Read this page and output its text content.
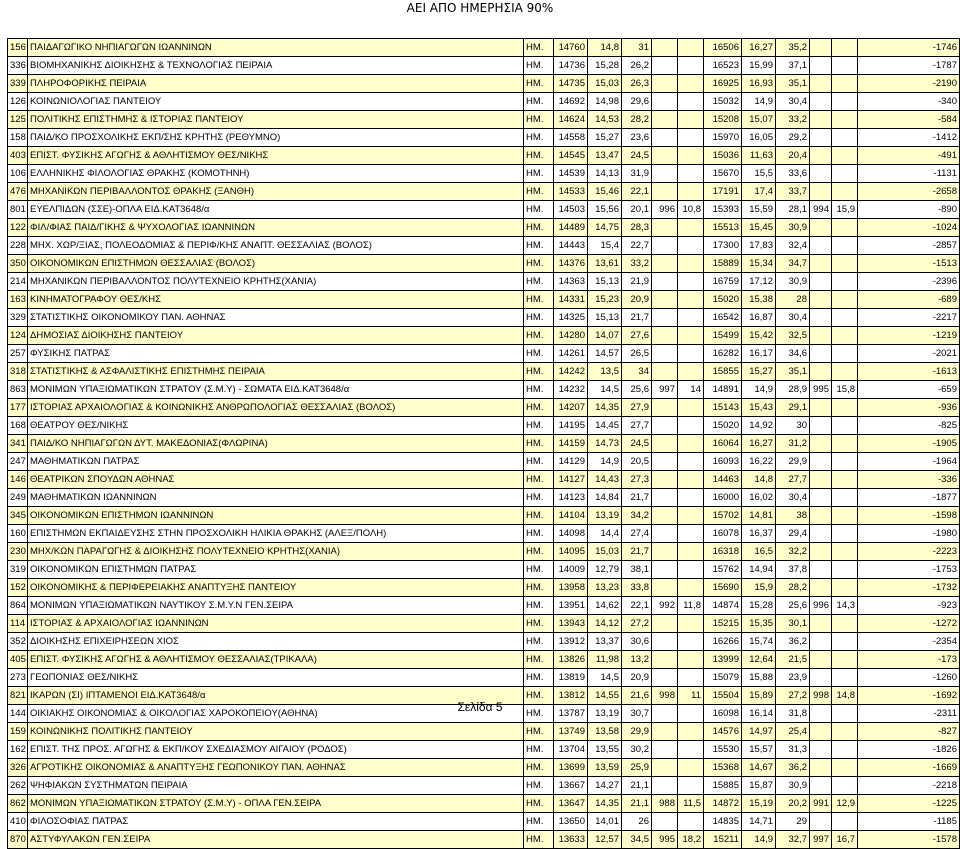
ΑΕΙ ΑΠΟ ΗΜΕΡΗΣΙΑ 90%
156	ΠΑΙΔΑΓΩΓΙΚΟ ΝΗΠΙΑΓΩΓΩΝ ΙΩΑΝΝΙΝΩΝ	ΗΜ.	14760	14,8	31			16506	16,27	35,2			-1746
336	ΒΙΟΜΗΧΑΝΙΚΗΣ ΔΙΟΙΚΗΣΗΣ & ΤΕΧΝΟΛΟΓΙΑΣ ΠΕΙΡΑΙΑ	ΗΜ.	14736	15,28	26,2			16523	15,99	37,1			-1787
339	ΠΛΗΡΟΦΟΡΙΚΗΣ ΠΕΙΡΑΙΑ	ΗΜ.	14735	15,03	26,3			16925	16,93	35,1			-2190
126	ΚΟΙΝΩΝΙΟΛΟΓΙΑΣ ΠΑΝΤΕΙΟΥ	ΗΜ.	14692	14,98	29,6			15032	14,9	30,4			-340
125	ΠΟΛΙΤΙΚΗΣ ΕΠΙΣΤΗΜΗΣ & ΙΣΤΟΡΙΑΣ ΠΑΝΤΕΙΟΥ	ΗΜ.	14624	14,53	28,2			15208	15,07	33,2			-584
158	ΠΑΙΔ/ΚΟ ΠΡΟΣΧΟΛΙΚΗΣ ΕΚΠ/ΣΗΣ ΚΡΗΤΗΣ (ΡΕΘΥΜΝΟ)	ΗΜ.	14558	15,27	23,6			15970	16,05	29,2			-1412
403	ΕΠΙΣΤ. ΦΥΣΙΚΗΣ ΑΓΩΓΗΣ & ΑΘΛΗΤΙΣΜΟΥ ΘΕΣ/ΝΙΚΗΣ	ΗΜ.	14545	13,47	24,5			15036	11,63	20,4			-491
106	ΕΛΛΗΝΙΚΗΣ ΦΙΛΟΛΟΓΙΑΣ ΘΡΑΚΗΣ (ΚΟΜΟΤΗΝΗ)	ΗΜ.	14539	14,13	31,9			15670	15,5	33,6			-1131
476	ΜΗΧΑΝΙΚΩΝ ΠΕΡΙΒΑΛΛΟΝΤΟΣ ΘΡΑΚΗΣ (ΞΑΝΘΗ)	ΗΜ.	14533	15,46	22,1			17191	17,4	33,7			-2658
801	ΕΥΕΛΠΙΔΩΝ (ΣΣΕ)-ΟΠΛΑ ΕΙΔ.ΚΑΤ3648/α	ΗΜ.	14503	15,56	20,1	996	10,8	15393	15,59	28,1	994	15,9	-890
122	ΦΙΛ/ΦΙΑΣ ΠΑΙΔ/ΓΙΚΗΣ & ΨΥΧΟΛΟΓΙΑΣ ΙΩΑΝΝΙΝΩΝ	ΗΜ.	14489	14,75	28,3			15513	15,45	30,9			-1024
228	ΜΗΧ. ΧΩΡ/ΞΙΑΣ, ΠΟΛΕΟΔΟΜΙΑΣ & ΠΕΡΙΦ/ΚΗΣ ΑΝΑΠΤ. ΘΕΣΣΑΛΙΑΣ (ΒΟΛΟΣ)	ΗΜ.	14443	15,4	22,7			17300	17,83	32,4			-2857
350	ΟΙΚΟΝΟΜΙΚΩΝ ΕΠΙΣΤΗΜΩΝ ΘΕΣΣΑΛΙΑΣ (ΒΟΛΟΣ)	ΗΜ.	14376	13,61	33,2			15889	15,34	34,7			-1513
214	ΜΗΧΑΝΙΚΩΝ ΠΕΡΙΒΑΛΛΟΝΤΟΣ ΠΟΛΥΤΕΧΝΕΙΟ ΚΡΗΤΗΣ(ΧΑΝΙΑ)	ΗΜ.	14363	15,13	21,9			16759	17,12	30,9			-2396
163	ΚΙΝΗΜΑΤΟΓΡΑΦΟΥ ΘΕΣ/ΚΗΣ	ΗΜ.	14331	15,23	20,9			15020	15,38	28			-689
329	ΣΤΑΤΙΣΤΙΚΗΣ ΟΙΚΟΝΟΜΙΚΟΥ ΠΑΝ. ΑΘΗΝΑΣ	ΗΜ.	14325	15,13	21,7			16542	16,87	30,4			-2217
124	ΔΗΜΟΣΙΑΣ ΔΙΟΙΚΗΣΗΣ ΠΑΝΤΕΙΟΥ	ΗΜ.	14280	14,07	27,6			15499	15,42	32,5			-1219
257	ΦΥΣΙΚΗΣ ΠΑΤΡΑΣ	ΗΜ.	14261	14,57	26,5			16282	16,17	34,6			-2021
318	ΣΤΑΤΙΣΤΙΚΗΣ & ΑΣΦΑΛΙΣΤΙΚΗΣ ΕΠΙΣΤΗΜΗΣ ΠΕΙΡΑΙΑ	ΗΜ.	14242	13,5	34			15855	15,27	35,1			-1613
863	ΜΟΝΙΜΩΝ ΥΠΑΞΙΩΜΑΤΙΚΩΝ ΣΤΡΑΤΟΥ (Σ.Μ.Υ) - ΣΩΜΑΤΑ ΕΙΔ.ΚΑΤ3648/α	ΗΜ.	14232	14,5	25,6	997	14	14891	14,9	28,9	995	15,8	-659
177	ΙΣΤΟΡΙΑΣ ΑΡΧΑΙΟΛΟΓΙΑΣ & ΚΟΙΝΩΝΙΚΗΣ ΑΝΘΡΩΠΟΛΟΓΙΑΣ ΘΕΣΣΑΛΙΑΣ (ΒΟΛΟΣ)	ΗΜ.	14207	14,35	27,9			15143	15,43	29,1			-936
168	ΘΕΑΤΡΟΥ ΘΕΣ/ΝΙΚΗΣ	ΗΜ.	14195	14,45	27,7			15020	14,92	30			-825
341	ΠΑΙΔ/ΚΟ ΝΗΠΙΑΓΩΓΩΝ ΔΥΤ. ΜΑΚΕΔΟΝΙΑΣ(ΦΛΩΡΙΝΑ)	ΗΜ.	14159	14,73	24,5			16064	16,27	31,2			-1905
247	ΜΑΘΗΜΑΤΙΚΩΝ ΠΑΤΡΑΣ	ΗΜ.	14129	14,9	20,5			16093	16,22	29,9			-1964
146	ΘΕΑΤΡΙΚΩΝ ΣΠΟΥΔΩΝ ΑΘΗΝΑΣ	ΗΜ.	14127	14,43	27,3			14463	14,8	27,7			-336
249	ΜΑΘΗΜΑΤΙΚΩΝ ΙΩΑΝΝΙΝΩΝ	ΗΜ.	14123	14,84	21,7			16000	16,02	30,4			-1877
345	ΟΙΚΟΝΟΜΙΚΩΝ ΕΠΙΣΤΗΜΩΝ ΙΩΑΝΝΙΝΩΝ	ΗΜ.	14104	13,19	34,2			15702	14,81	38			-1598
160	ΕΠΙΣΤΗΜΩΝ ΕΚΠΑΙΔΕΥΣΗΣ ΣΤΗΝ ΠΡΟΣΧΟΛΙΚΗ ΗΛΙΚΙΑ ΘΡΑΚΗΣ (ΑΛΕΞ/ΠΟΛΗ)	ΗΜ.	14098	14,4	27,4			16078	16,37	29,4			-1980
230	ΜΗΧ/ΚΩΝ ΠΑΡΑΓΩΓΗΣ & ΔΙΟΙΚΗΣΗΣ ΠΟΛΥΤΕΧΝΕΙΟ ΚΡΗΤΗΣ(ΧΑΝΙΑ)	ΗΜ.	14095	15,03	21,7			16318	16,5	32,2			-2223
319	ΟΙΚΟΝΟΜΙΚΩΝ ΕΠΙΣΤΗΜΩΝ ΠΑΤΡΑΣ	ΗΜ.	14009	12,79	38,1			15762	14,94	37,8			-1753
152	ΟΙΚΟΝΟΜΙΚΗΣ & ΠΕΡΙΦΕΡΕΙΑΚΗΣ ΑΝΑΠΤΥΞΗΣ ΠΑΝΤΕΙΟΥ	ΗΜ.	13958	13,23	33,8			15690	15,9	28,2			-1732
864	ΜΟΝΙΜΩΝ ΥΠΑΞΙΩΜΑΤΙΚΩΝ ΝΑΥΤΙΚΟΥ Σ.Μ.Υ.Ν ΓΕΝ.ΣΕΙΡΑ	ΗΜ.	13951	14,62	22,1	992	11,8	14874	15,28	25,6	996	14,3	-923
114	ΙΣΤΟΡΙΑΣ & ΑΡΧΑΙΟΛΟΓΙΑΣ ΙΩΑΝΝΙΝΩΝ	ΗΜ.	13943	14,12	27,2			15215	15,35	30,1			-1272
352	ΔΙΟΙΚΗΣΗΣ ΕΠΙΧΕΙΡΗΣΕΩΝ ΧΙΟΣ	ΗΜ.	13912	13,37	30,6			16266	15,74	36,2			-2354
405	ΕΠΙΣΤ. ΦΥΣΙΚΗΣ ΑΓΩΓΗΣ & ΑΘΛΗΤΙΣΜΟΥ ΘΕΣΣΑΛΙΑΣ(ΤΡΙΚΑΛΑ)	ΗΜ.	13826	11,98	13,2			13999	12,64	21,5			-173
273	ΓΕΩΠΟΝΙΑΣ ΘΕΣ/ΝΙΚΗΣ	ΗΜ.	13819	14,5	20,9			15079	15,88	23,9			-1260
821	ΙΚΑΡΩΝ (ΣΙ) ΙΠΤΑΜΕΝΟΙ ΕΙΔ.ΚΑΤ3648/α	ΗΜ.	13812	14,55	21,6	998	11	15504	15,89	27,2	998	14,8	-1692
144	ΟΙΚΙΑΚΗΣ ΟΙΚΟΝΟΜΙΑΣ & ΟΙΚΟΛΟΓΙΑΣ ΧΑΡΟΚΟΠΕΙΟΥ(ΑΘΗΝΑ)	ΗΜ.	13787	13,19	30,7			16098	16,14	31,8			-2311
159	ΚΟΙΝΩΝΙΚΗΣ ΠΟΛΙΤΙΚΗΣ ΠΑΝΤΕΙΟΥ	ΗΜ.	13749	13,58	29,9			14576	14,97	25,4			-827
162	ΕΠΙΣΤ. ΤΗΣ ΠΡΟΣ. ΑΓΩΓΗΣ & ΕΚΠ/ΚΟΥ ΣΧΕΔΙΑΣΜΟΥ ΑΙΓΑΙΟΥ (ΡΟΔΟΣ)	ΗΜ.	13704	13,55	30,2			15530	15,57	31,3			-1826
326	ΑΓΡΟΤΙΚΗΣ ΟΙΚΟΝΟΜΙΑΣ & ΑΝΑΠΤΥΞΗΣ ΓΕΩΠΟΝΙΚΟΥ ΠΑΝ. ΑΘΗΝΑΣ	ΗΜ.	13699	13,59	25,9			15368	14,67	36,2			-1669
262	ΨΗΦΙΑΚΩΝ ΣΥΣΤΗΜΑΤΩΝ ΠΕΙΡΑΙΑ	ΗΜ.	13667	14,27	21,1			15885	15,87	30,9			-2218
862	ΜΟΝΙΜΩΝ ΥΠΑΞΙΩΜΑΤΙΚΩΝ ΣΤΡΑΤΟΥ (Σ.Μ.Υ) - ΟΠΛΑ ΓΕΝ.ΣΕΙΡΑ	ΗΜ.	13647	14,35	21,1	988	11,5	14872	15,19	20,2	991	12,9	-1225
410	ΦΙΛΟΣΟΦΙΑΣ ΠΑΤΡΑΣ	ΗΜ.	13650	14,01	26			14835	14,71	29			-1185
870	ΑΣΤΥΦΥΛΑΚΩΝ ΓΕΝ.ΣΕΙΡΑ	ΗΜ.	13633	12,57	34,5	995	18,2	15211	14,9	32,7	997	16,7	-1578
Σελίδα 5
